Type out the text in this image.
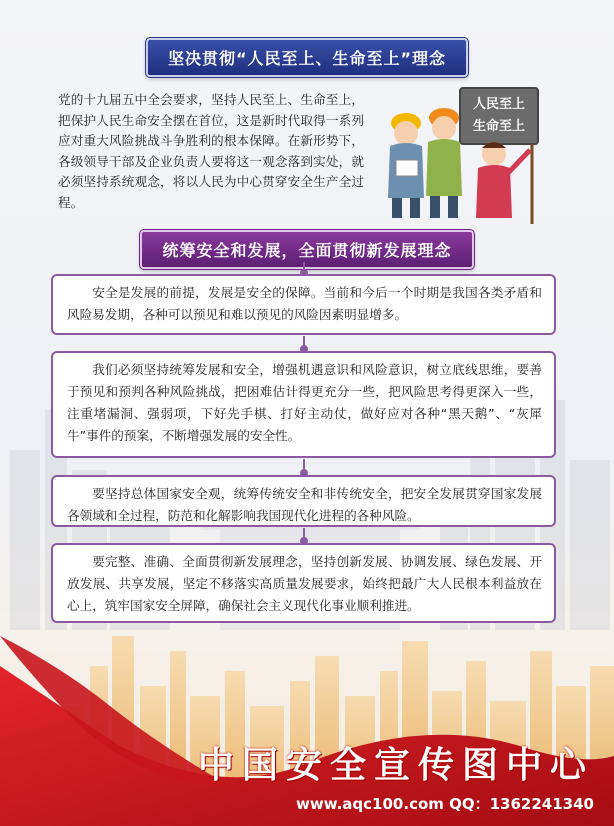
坚决贯彻“人民至上、生命至上”理念

党的十九届五中全会要求，坚持人民至上、生命至上，把保护人民生命安全摆在首位，这是新时代取得一系列应对重大风险挑战斗争胜利的根本保障。在新形势下，各级领导干部及企业负责人要将这一观念落到实处，就必须坚持系统观念，将以人民为中心贯穿安全生产全过程。

人民至上
生命至上
统筹安全和发展，全面贯彻新发展理念

安全是发展的前提，发展是安全的保障。当前和今后一个时期是我国各类矛盾和风险易发期，各种可以预见和难以预见的风险因素明显增多。

我们必须坚持统筹发展和安全，增强机遇意识和风险意识，树立底线思维，要善于预见和预判各种风险挑战，把困难估计得更充分一些，把风险思考得更深入一些，注重堵漏洞、强弱项，下好先手棋、打好主动仗，做好应对各种“黑天鹅”、“灰犀牛”事件的预案，不断增强发展的安全性。

要坚持总体国家安全观，统筹传统安全和非传统安全，把安全发展贯穿国家发展各领域和全过程，防范和化解影响我国现代化进程的各种风险。

要完整、准确、全面贯彻新发展理念，坚持创新发展、协调发展、绿色发展、开放发展、共享发展，坚定不移落实高质量发展要求，始终把最广大人民根本利益放在心上，筑牢国家安全屏障，确保社会主义现代化事业顺利推进。

中国安全宣传图中心

www.aqc100.com QQ：1362241340
